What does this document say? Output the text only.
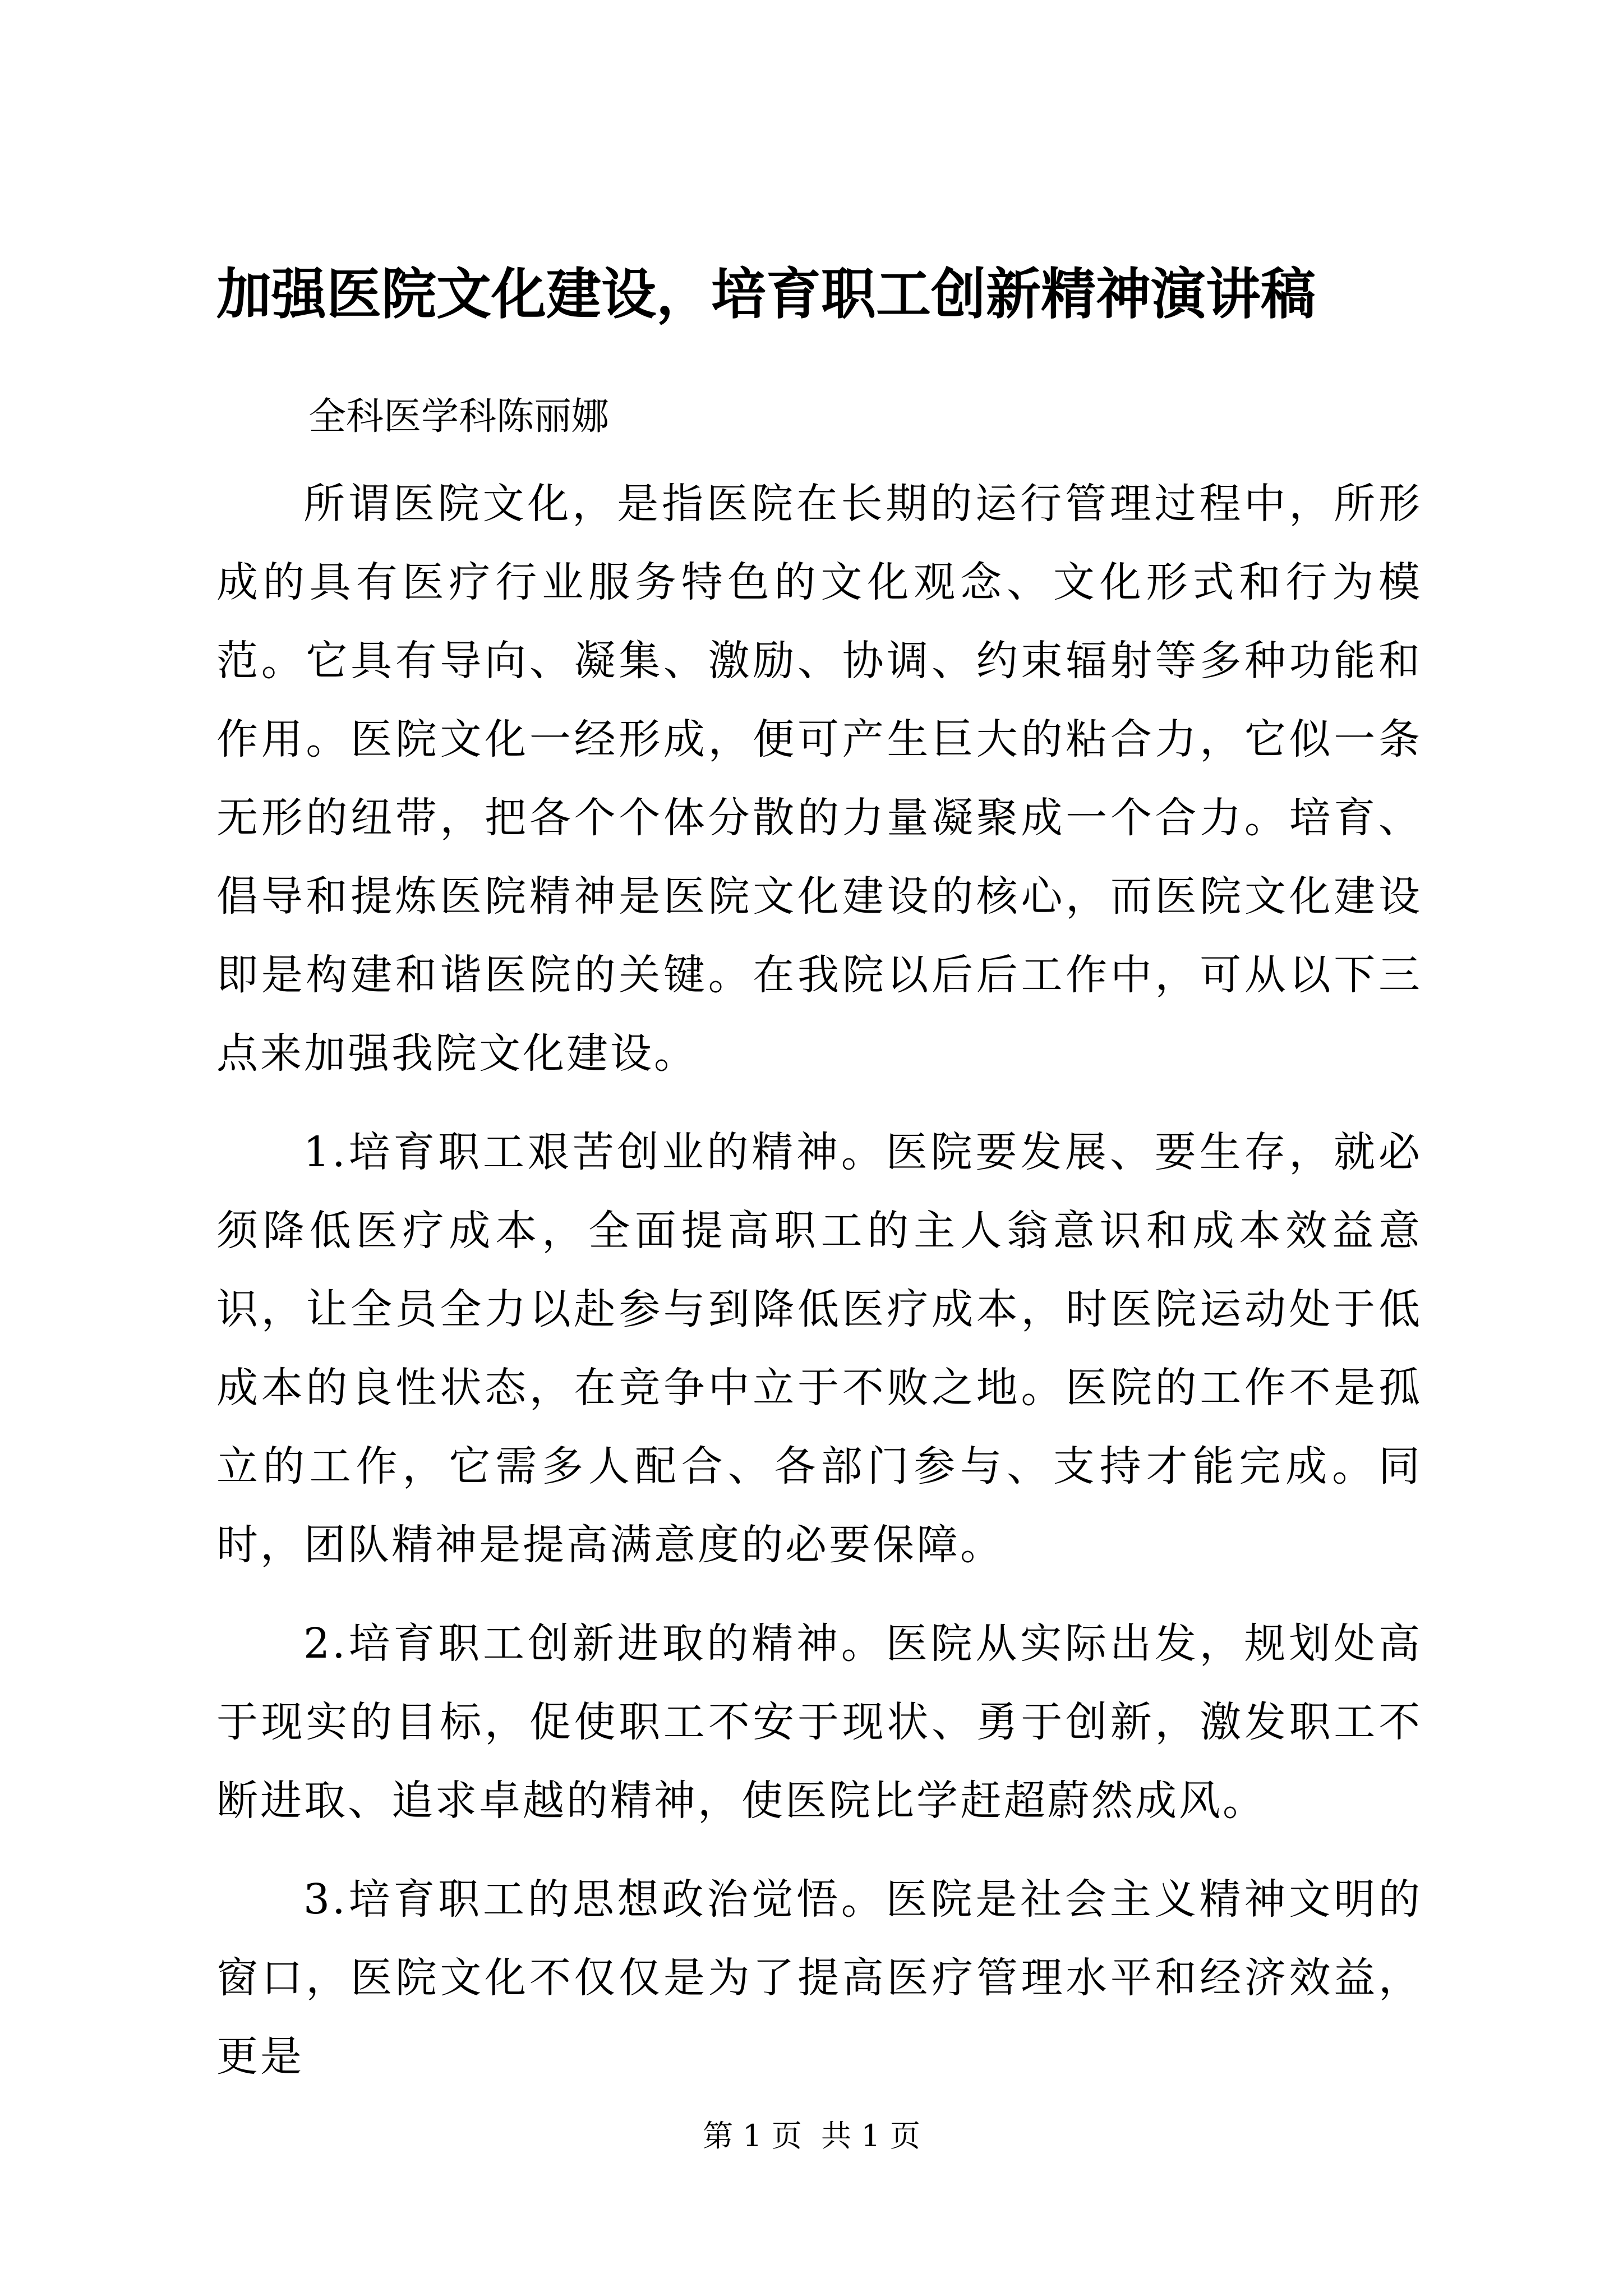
加强医院文化建设，培育职工创新精神演讲稿

全科医学科陈丽娜

所谓医院文化，是指医院在长期的运行管理过程中，所形成的具有医疗行业服务特色的文化观念、文化形式和行为模范。它具有导向、凝集、激励、协调、约束辐射等多种功能和作用。医院文化一经形成，便可产生巨大的粘合力，它似一条无形的纽带，把各个个体分散的力量凝聚成一个合力。培育、倡导和提炼医院精神是医院文化建设的核心，而医院文化建设即是构建和谐医院的关键。在我院以后后工作中，可从以下三点来加强我院文化建设。

1.培育职工艰苦创业的精神。医院要发展、要生存，就必须降低医疗成本，全面提高职工的主人翁意识和成本效益意识，让全员全力以赴参与到降低医疗成本，时医院运动处于低成本的良性状态，在竞争中立于不败之地。医院的工作不是孤立的工作，它需多人配合、各部门参与、支持才能完成。同时，团队精神是提高满意度的必要保障。

2.培育职工创新进取的精神。医院从实际出发，规划处高于现实的目标，促使职工不安于现状、勇于创新，激发职工不断进取、追求卓越的精神，使医院比学赶超蔚然成风。

3.培育职工的思想政治觉悟。医院是社会主义精神文明的窗口，医院文化不仅仅是为了提高医疗管理水平和经济效益，更是

第 1 页  共 1 页
